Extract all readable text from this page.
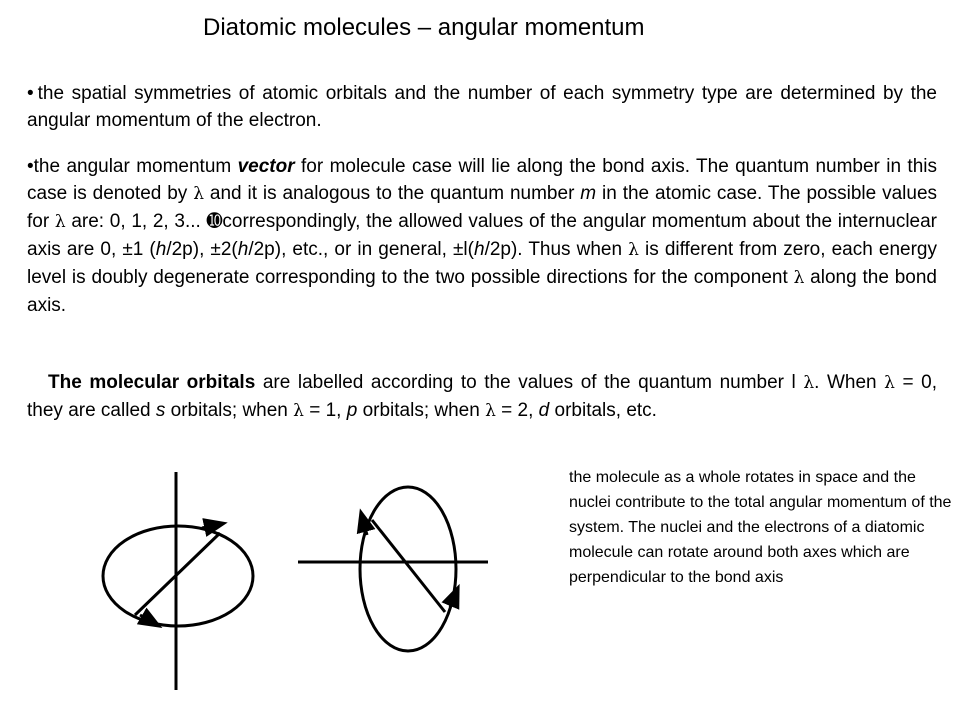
Diatomic molecules – angular momentum
• the spatial symmetries of atomic orbitals and the number of each symmetry type are determined by the angular momentum of the electron.
•the angular momentum vector for molecule case will lie along the bond axis. The quantum number in this case is denoted by λ and it is analogous to the quantum number m in the atomic case. The possible values for λ are: 0, 1, 2, 3... ➓correspondingly, the allowed values of the angular momentum about the internuclear axis are 0, ±1 (h/2p), ±2(h/2p), etc., or in general, ±l(h/2p). Thus when λ is different from zero, each energy level is doubly degenerate corresponding to the two possible directions for the component λ along the bond axis.
The molecular orbitals are labelled according to the values of the quantum number l λ. When λ = 0, they are called s orbitals; when λ = 1, p orbitals; when λ = 2, d orbitals, etc.
the molecule as a whole rotates in space and the nuclei contribute to the total angular momentum of the system. The nuclei and the electrons of a diatomic molecule can rotate around both axes which are perpendicular to the bond axis
